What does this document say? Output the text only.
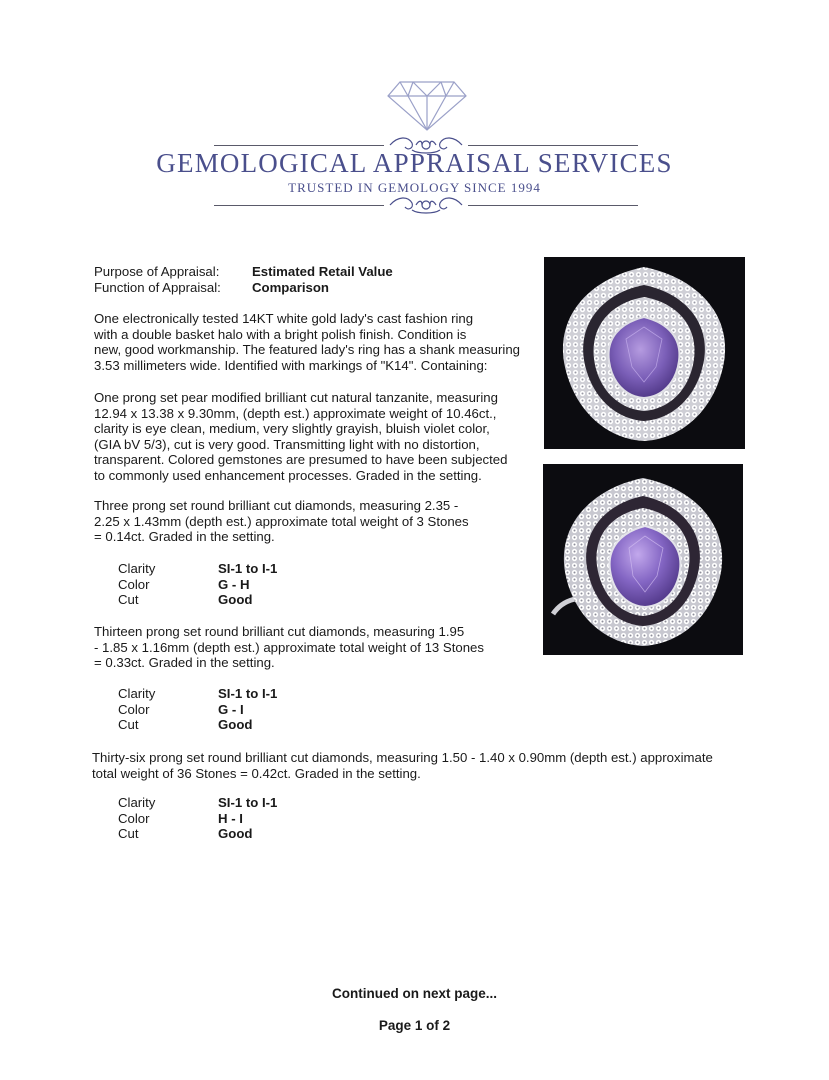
GEMOLOGICAL APPRAISAL SERVICES
TRUSTED IN GEMOLOGY SINCE 1994
Purpose of Appraisal: Estimated Retail Value
Function of Appraisal: Comparison
One electronically tested 14KT white gold lady's cast fashion ring
with a double basket halo with a bright polish finish. Condition is
new, good workmanship. The featured lady's ring has a shank measuring
3.53 millimeters wide. Identified with markings of "K14". Containing:
One prong set pear modified brilliant cut natural tanzanite, measuring
12.94 x 13.38 x 9.30mm, (depth est.) approximate weight of 10.46ct.,
clarity is eye clean, medium, very slightly grayish, bluish violet color,
(GIA bV 5/3), cut is very good. Transmitting light with no distortion,
transparent. Colored gemstones are presumed to have been subjected
to commonly used enhancement processes. Graded in the setting.
Three prong set round brilliant cut diamonds, measuring 2.35 -
2.25 x 1.43mm (depth est.) approximate total weight of 3 Stones
= 0.14ct. Graded in the setting.
Clarity	SI-1 to I-1
Color	G - H
Cut	Good
Thirteen prong set round brilliant cut diamonds, measuring 1.95
- 1.85 x 1.16mm (depth est.) approximate total weight of 13 Stones
= 0.33ct. Graded in the setting.
Clarity	SI-1 to I-1
Color	G - I
Cut	Good
Thirty-six prong set round brilliant cut diamonds, measuring 1.50 - 1.40 x 0.90mm (depth est.) approximate
total weight of 36 Stones = 0.42ct. Graded in the setting.
Clarity	SI-1 to I-1
Color	H - I
Cut	Good
Continued on next page...
Page 1 of 2
